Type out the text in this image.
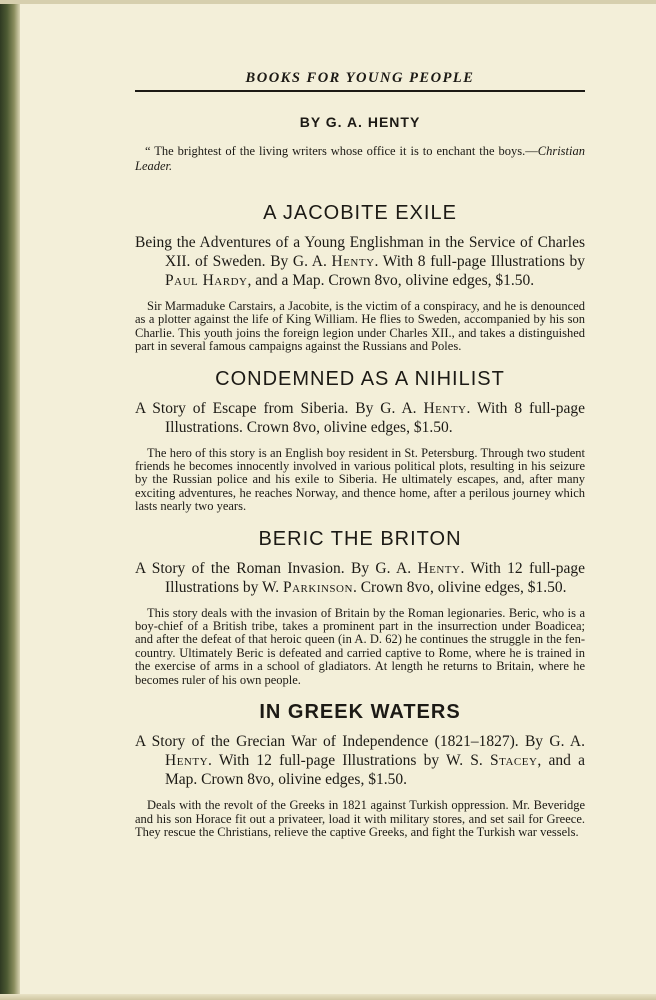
BOOKS FOR YOUNG PEOPLE

BY G. A. HENTY

“ The brightest of the living writers whose office it is to enchant the boys.—Christian Leader.

A JACOBITE EXILE

Being the Adventures of a Young Englishman in the Service of Charles XII. of Sweden. By G. A. Henty. With 8 full-page Illustrations by Paul Hardy, and a Map. Crown 8vo, olivine edges, $1.50.

Sir Marmaduke Carstairs, a Jacobite, is the victim of a conspiracy, and he is denounced as a plotter against the life of King William. He flies to Sweden, accompanied by his son Charlie. This youth joins the foreign legion under Charles XII., and takes a distinguished part in several famous campaigns against the Russians and Poles.

CONDEMNED AS A NIHILIST

A Story of Escape from Siberia. By G. A. Henty. With 8 full-page Illustrations. Crown 8vo, olivine edges, $1.50.

The hero of this story is an English boy resident in St. Petersburg. Through two student friends he becomes innocently involved in various political plots, resulting in his seizure by the Russian police and his exile to Siberia. He ultimately escapes, and, after many exciting adventures, he reaches Norway, and thence home, after a perilous journey which lasts nearly two years.

BERIC THE BRITON

A Story of the Roman Invasion. By G. A. Henty. With 12 full-page Illustrations by W. Parkinson. Crown 8vo, olivine edges, $1.50.

This story deals with the invasion of Britain by the Roman legionaries. Beric, who is a boy-chief of a British tribe, takes a prominent part in the insurrection under Boadicea; and after the defeat of that heroic queen (in A. D. 62) he continues the struggle in the fen-country. Ultimately Beric is defeated and carried captive to Rome, where he is trained in the exercise of arms in a school of gladiators. At length he returns to Britain, where he becomes ruler of his own people.

IN GREEK WATERS

A Story of the Grecian War of Independence (1821–1827). By G. A. Henty. With 12 full-page Illustrations by W. S. Stacey, and a Map. Crown 8vo, olivine edges, $1.50.

Deals with the revolt of the Greeks in 1821 against Turkish oppression. Mr. Beveridge and his son Horace fit out a privateer, load it with military stores, and set sail for Greece. They rescue the Christians, relieve the captive Greeks, and fight the Turkish war vessels.
